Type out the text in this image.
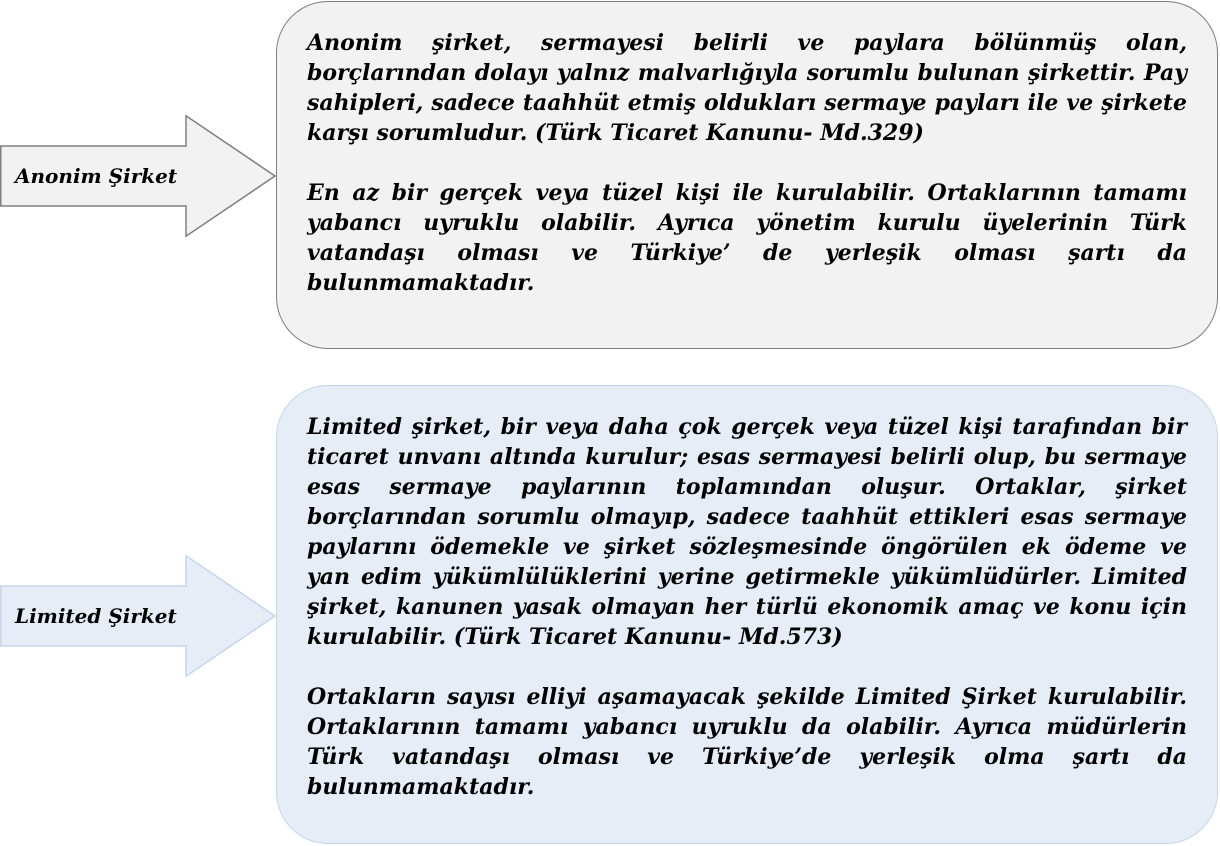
Anonim Şirket

Anonim şirket, sermayesi belirli ve paylara bölünmüş olan, borçlarından dolayı yalnız malvarlığıyla sorumlu bulunan şirkettir. Pay sahipleri, sadece taahhüt etmiş oldukları sermaye payları ile ve şirkete karşı sorumludur. (Türk Ticaret Kanunu- Md.329)

En az bir gerçek veya tüzel kişi ile kurulabilir. Ortaklarının tamamı yabancı uyruklu olabilir. Ayrıca yönetim kurulu üyelerinin Türk vatandaşı olması ve Türkiye’ de yerleşik olması şartı da bulunmamaktadır.

Limited Şirket

Limited şirket, bir veya daha çok gerçek veya tüzel kişi tarafından bir ticaret unvanı altında kurulur; esas sermayesi belirli olup, bu sermaye esas sermaye paylarının toplamından oluşur. Ortaklar, şirket borçlarından sorumlu olmayıp, sadece taahhüt ettikleri esas sermaye paylarını ödemekle ve şirket sözleşmesinde öngörülen ek ödeme ve yan edim yükümlülüklerini yerine getirmekle yükümlüdürler. Limited şirket, kanunen yasak olmayan her türlü ekonomik amaç ve konu için kurulabilir. (Türk Ticaret Kanunu- Md.573)

Ortakların sayısı elliyi aşamayacak şekilde Limited Şirket kurulabilir. Ortaklarının tamamı yabancı uyruklu da olabilir. Ayrıca müdürlerin Türk vatandaşı olması ve Türkiye’de yerleşik olma şartı da bulunmamaktadır.
